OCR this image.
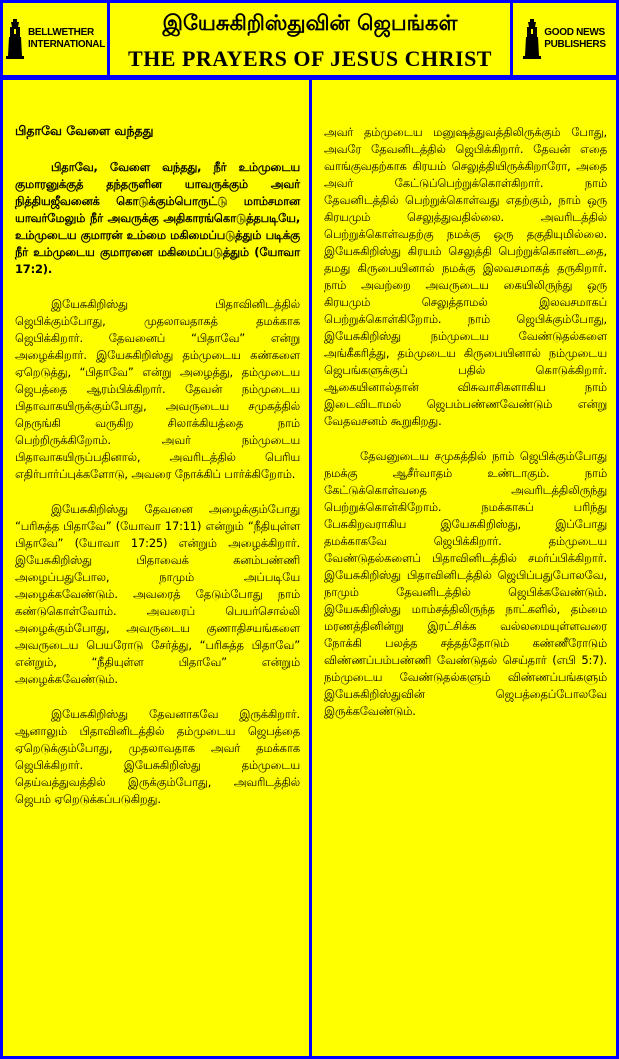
BELLWETHER
INTERNATIONAL
இயேசுகிறிஸ்துவின் ஜெபங்கள்
THE PRAYERS OF JESUS CHRIST
GOOD NEWS
PUBLISHERS
பிதாவே வேளை வந்தது

பிதாவே, வேளை வந்தது, நீர் உம்முடைய குமாரனுக்குத் தந்தருளின யாவருக்கும் அவர் நித்தியஜீவனைக் கொடுக்கும்பொருட்டு மாம்சமான யாவர்மேலும் நீர் அவருக்கு அதிகாரங்கொடுத்தபடியே, உம்முடைய குமாரன் உம்மை மகிமைப்படுத்தும் படிக்கு நீர் உம்முடைய குமாரனை மகிமைப்படுத்தும் (யோவா 17:2).

இயேசுகிறிஸ்து பிதாவினிடத்தில் ஜெபிக்கும்போது, முதலாவதாகத் தமக்காக ஜெபிக்கிறார். தேவனைப் “பிதாவே” என்று அழைக்கிறார். இயேசுகிறிஸ்து தம்முடைய கண்களை ஏறெடுத்து, “பிதாவே” என்று அழைத்து, தம்முடைய ஜெபத்தை ஆரம்பிக்கிறார். தேவன் நம்முடைய பிதாவாகயிருக்கும்போது, அவருடைய சமுகத்தில் நெருங்கி வருகிற சிலாக்கியத்தை நாம் பெற்றிருக்கிறோம். அவர் நம்முடைய பிதாவாகயிருப்பதினால், அவரிடத்தில் பெரிய எதிர்பார்ப்புக்களோடு, அவரை நோக்கிப் பார்க்கிறோம்.

இயேசுகிறிஸ்து தேவனை அழைக்கும்போது “பரிசுத்த பிதாவே” (யோவா 17:11) என்றும் “நீதியுள்ள பிதாவே” (யோவா 17:25) என்றும் அழைக்கிறார். இயேசுகிறிஸ்து பிதாவைக் கனம்பண்ணி அழைப்பதுபோல, நாமும் அப்படியே அழைக்கவேண்டும். அவரைத் தேடும்போது நாம் கண்டுகொள்வோம். அவரைப் பெயர்சொல்லி அழைக்கும்போது, அவருடைய குணாதிசயங்களை அவருடைய பெயரோடு சேர்த்து, “பரிசுத்த பிதாவே” என்றும், “நீதியுள்ள பிதாவே” என்றும் அழைக்கவேண்டும்.

இயேசுகிறிஸ்து தேவனாகவே இருக்கிறார். ஆனாலும் பிதாவினிடத்தில் தம்முடைய ஜெபத்தை ஏறெடுக்கும்போது, முதலாவதாக அவர் தமக்காக ஜெபிக்கிறார். இயேசுகிறிஸ்து தம்முடைய தெய்வத்துவத்தில் இருக்கும்போது, அவரிடத்தில் ஜெபம் ஏறெடுக்கப்படுகிறது.

அவர் தம்முடைய மனுஷத்துவத்திலிருக்கும் போது, அவரே தேவனிடத்தில் ஜெபிக்கிறார். தேவன் எதை வாங்குவதற்காக கிரயம் செலுத்தியிருக்கிறாரோ, அதை அவர் கேட்டுப்பெற்றுக்கொள்கிறார். நாம் தேவனிடத்தில் பெற்றுக்கொள்வது எதற்கும், நாம் ஒரு கிரயமும் செலுத்துவதில்லை. அவரிடத்தில் பெற்றுக்கொள்வதற்கு நமக்கு ஒரு தகுதியுமில்லை. இயேசுகிறிஸ்து கிரயம் செலுத்தி பெற்றுக்கொண்டதை, தமது கிருபையினால் நமக்கு இலவசமாகத் தருகிறார். நாம் அவற்றை அவருடைய கையிலிருந்து ஒரு கிரயமும் செலுத்தாமல் இலவசமாகப் பெற்றுக்கொள்கிறோம். நாம் ஜெபிக்கும்போது, இயேசுகிறிஸ்து நம்முடைய வேண்டுதல்களை அங்கீகரித்து, தம்முடைய கிருபையினால் நம்முடைய ஜெபங்களுக்குப் பதில் கொடுக்கிறார். ஆகையினால்தான் விசுவாசிகளாகிய நாம் இடைவிடாமல் ஜெபம்பண்ணவேண்டும் என்று வேதவசனம் கூறுகிறது.

தேவனுடைய சமுகத்தில் நாம் ஜெபிக்கும்போது நமக்கு ஆசீர்வாதம் உண்டாகும். நாம் கேட்டுக்கொள்வதை அவரிடத்திலிருந்து பெற்றுக்கொள்கிறோம். நமக்காகப் பரிந்து பேசுகிறவராகிய இயேசுகிறிஸ்து, இப்போது தமக்காகவே ஜெபிக்கிறார். தம்முடைய வேண்டுதல்களைப் பிதாவினிடத்தில் சமர்ப்பிக்கிறார். இயேசுகிறிஸ்து பிதாவினிடத்தில் ஜெபிப்பதுபோலவே, நாமும் தேவனிடத்தில் ஜெபிக்கவேண்டும். இயேசுகிறிஸ்து மாம்சத்திலிருந்த நாட்களில், தம்மை மரணத்தினின்று இரட்சிக்க வல்லமையுள்ளவரை நோக்கி பலத்த சத்தத்தோடும் கண்ணீரோடும் விண்ணப்பம்பண்ணி வேண்டுதல் செய்தார் (எபி 5:7). நம்முடைய வேண்டுதல்களும் விண்ணப்பங்களும் இயேசுகிறிஸ்துவின் ஜெபத்தைப்போலவே இருக்கவேண்டும்.
